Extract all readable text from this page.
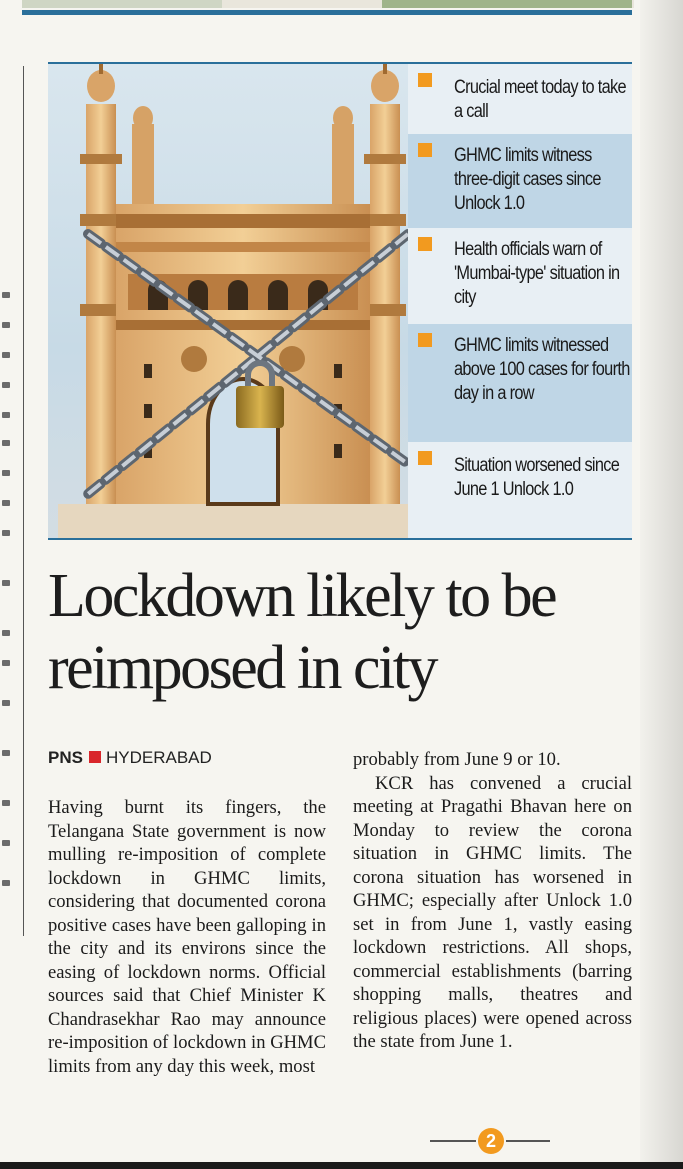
Crucial meet today to take a call
GHMC limits witness three-digit cases since Unlock 1.0
Health officials warn of 'Mumbai-type' situation in city
GHMC limits witnessed above 100 cases for fourth day in a row
Situation worsened since June 1 Unlock 1.0
Lockdown likely to be reimposed in city
PNS HYDERABAD

Having burnt its fingers, the Telangana State government is now mulling re-imposition of complete lockdown in GHMC limits, considering that documented corona positive cases have been galloping in the city and its environs since the easing of lockdown norms. Official sources said that Chief Minister K Chandrasekhar Rao may announce re-imposition of lockdown in GHMC limits from any day this week, most

probably from June 9 or 10.

KCR has convened a crucial meeting at Pragathi Bhavan here on Monday to review the corona situation in GHMC limits. The corona situation has worsened in GHMC; especially after Unlock 1.0 set in from June 1, vastly easing lockdown restrictions. All shops, commercial establishments (barring shopping malls, theatres and religious places) were opened across the state from June 1.

2
